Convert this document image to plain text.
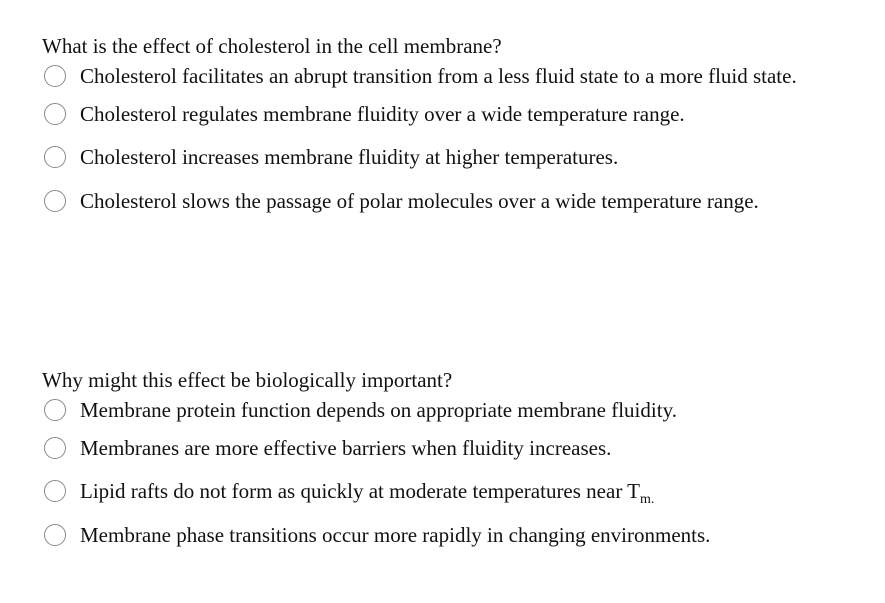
What is the effect of cholesterol in the cell membrane?
Cholesterol facilitates an abrupt transition from a less fluid state to a more fluid state.
Cholesterol regulates membrane fluidity over a wide temperature range.
Cholesterol increases membrane fluidity at higher temperatures.
Cholesterol slows the passage of polar molecules over a wide temperature range.
Why might this effect be biologically important?
Membrane protein function depends on appropriate membrane fluidity.
Membranes are more effective barriers when fluidity increases.
Lipid rafts do not form as quickly at moderate temperatures near $T_{m.}$
Membrane phase transitions occur more rapidly in changing environments.
